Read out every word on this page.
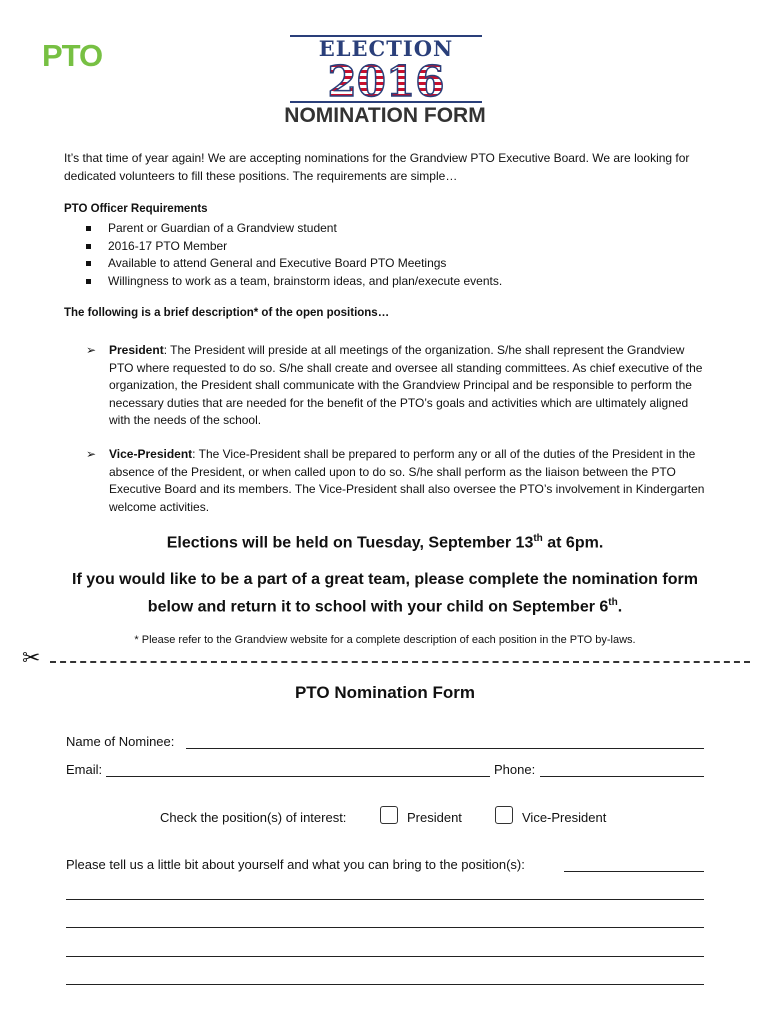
PTO	ELECTION
2016
NOMINATION FORM
It’s that time of year again! We are accepting nominations for the Grandview PTO Executive Board. We are looking for dedicated volunteers to fill these positions. The requirements are simple…
PTO Officer Requirements
Parent or Guardian of a Grandview student
2016-17 PTO Member
Available to attend General and Executive Board PTO Meetings
Willingness to work as a team, brainstorm ideas, and plan/execute events.
The following is a brief description* of the open positions…
➢ President: The President will preside at all meetings of the organization. S/he shall represent the Grandview PTO where requested to do so. S/he shall create and oversee all standing committees. As chief executive of the organization, the President shall communicate with the Grandview Principal and be responsible to perform the necessary duties that are needed for the benefit of the PTO’s goals and activities which are ultimately aligned with the needs of the school.
➢ Vice-President: The Vice-President shall be prepared to perform any or all of the duties of the President in the absence of the President, or when called upon to do so. S/he shall perform as the liaison between the PTO Executive Board and its members. The Vice-President shall also oversee the PTO’s involvement in Kindergarten welcome activities.
Elections will be held on Tuesday, September 13th at 6pm.
If you would like to be a part of a great team, please complete the nomination form
below and return it to school with your child on September 6th.
* Please refer to the Grandview website for a complete description of each position in the PTO by-laws.
✂
PTO Nomination Form
Name of Nominee:
Email:	Phone:
Check the position(s) of interest:	President	Vice-President
Please tell us a little bit about yourself and what you can bring to the position(s):
